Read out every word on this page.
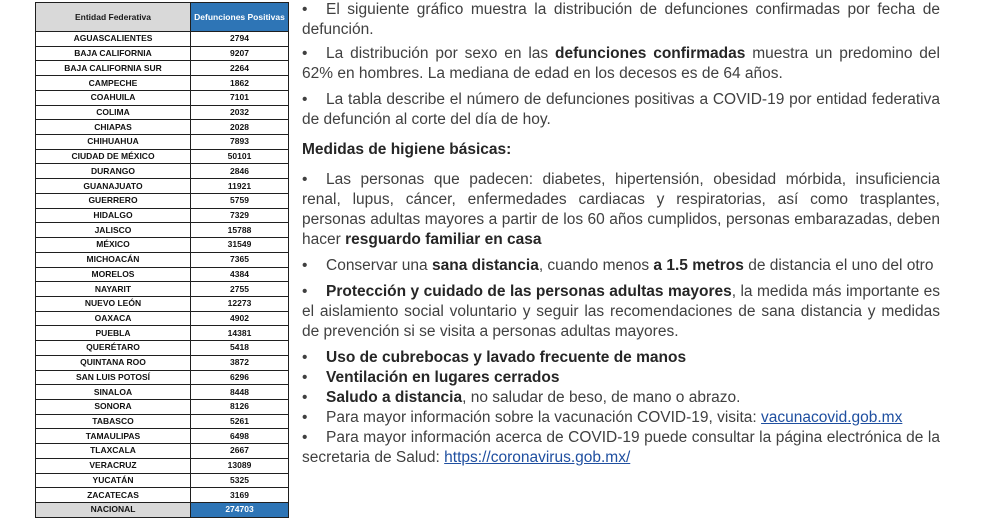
Entidad Federativa	Defunciones Positivas
AGUASCALIENTES	2794
BAJA CALIFORNIA	9207
BAJA CALIFORNIA SUR	2264
CAMPECHE	1862
COAHUILA	7101
COLIMA	2032
CHIAPAS	2028
CHIHUAHUA	7893
CIUDAD DE MÉXICO	50101
DURANGO	2846
GUANAJUATO	11921
GUERRERO	5759
HIDALGO	7329
JALISCO	15788
MÉXICO	31549
MICHOACÁN	7365
MORELOS	4384
NAYARIT	2755
NUEVO LEÓN	12273
OAXACA	4902
PUEBLA	14381
QUERÉTARO	5418
QUINTANA ROO	3872
SAN LUIS POTOSÍ	6296
SINALOA	8448
SONORA	8126
TABASCO	5261
TAMAULIPAS	6498
TLAXCALA	2667
VERACRUZ	13089
YUCATÁN	5325
ZACATECAS	3169
NACIONAL	274703

• El siguiente gráfico muestra la distribución de defunciones confirmadas por fecha de defunción.

• La distribución por sexo en las defunciones confirmadas muestra un predomino del 62% en hombres. La mediana de edad en los decesos es de 64 años.

• La tabla describe el número de defunciones positivas a COVID-19 por entidad federativa de defunción al corte del día de hoy.

Medidas de higiene básicas:

• Las personas que padecen: diabetes, hipertensión, obesidad mórbida, insuficiencia renal, lupus, cáncer, enfermedades cardiacas y respiratorias, así como trasplantes, personas adultas mayores a partir de los 60 años cumplidos, personas embarazadas, deben hacer resguardo familiar en casa

• Conservar una sana distancia, cuando menos a 1.5 metros de distancia el uno del otro

• Protección y cuidado de las personas adultas mayores, la medida más importante es el aislamiento social voluntario y seguir las recomendaciones de sana distancia y medidas de prevención si se visita a personas adultas mayores.

• Uso de cubrebocas y lavado frecuente de manos

• Ventilación en lugares cerrados

• Saludo a distancia, no saludar de beso, de mano o abrazo.

• Para mayor información sobre la vacunación COVID-19, visita: vacunacovid.gob.mx

• Para mayor información acerca de COVID-19 puede consultar la página electrónica de la secretaria de Salud: https://coronavirus.gob.mx/
